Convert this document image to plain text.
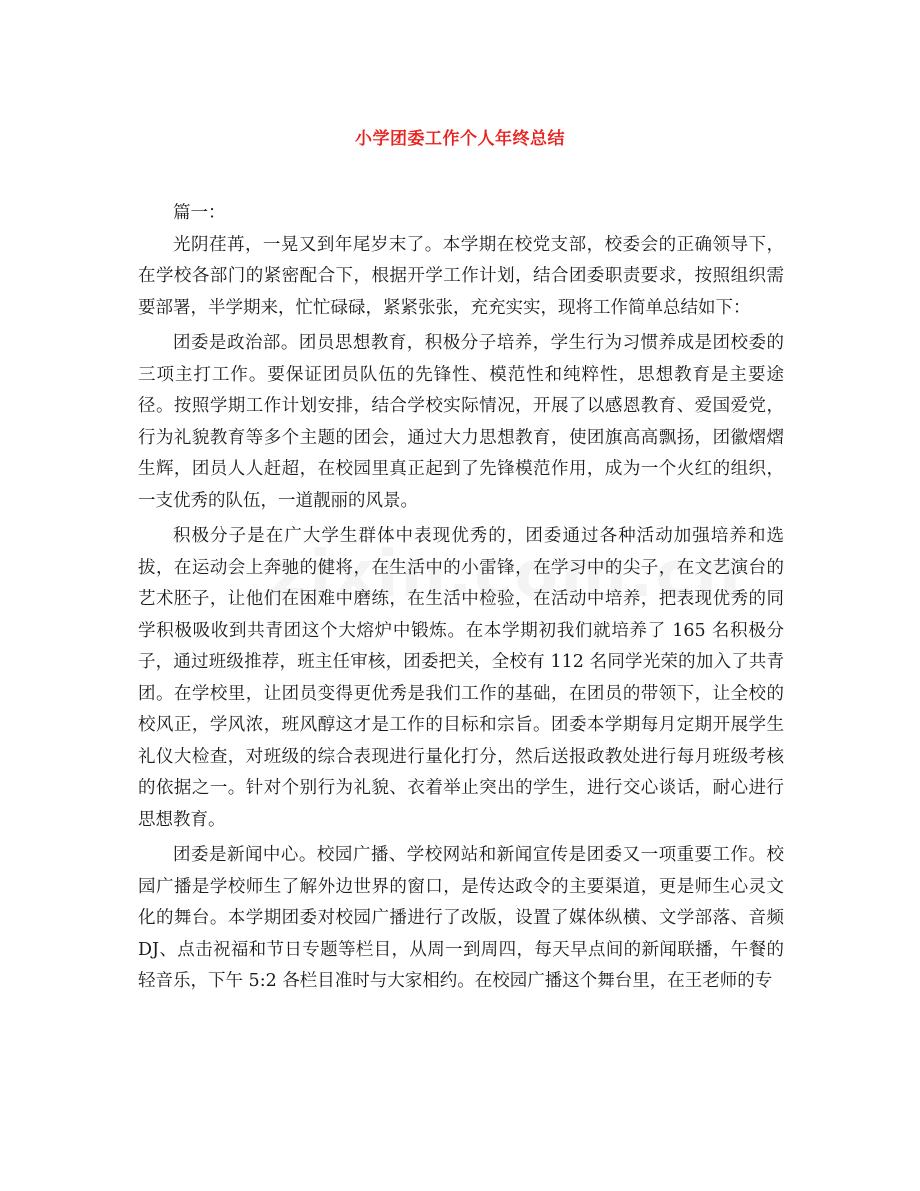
小学团委工作个人年终总结

篇一：

光阴荏苒，一晃又到年尾岁末了。本学期在校党支部，校委会的正确领导下，在学校各部门的紧密配合下，根据开学工作计划，结合团委职责要求，按照组织需要部署，半学期来，忙忙碌碌，紧紧张张，充充实实，现将工作简单总结如下：

团委是政治部。团员思想教育，积极分子培养，学生行为习惯养成是团校委的三项主打工作。要保证团员队伍的先锋性、模范性和纯粹性，思想教育是主要途径。按照学期工作计划安排，结合学校实际情况，开展了以感恩教育、爱国爱党，行为礼貌教育等多个主题的团会，通过大力思想教育，使团旗高高飘扬，团徽熠熠生辉，团员人人赶超，在校园里真正起到了先锋模范作用，成为一个火红的组织，一支优秀的队伍，一道靓丽的风景。

积极分子是在广大学生群体中表现优秀的，团委通过各种活动加强培养和选拔，在运动会上奔驰的健将，在生活中的小雷锋，在学习中的尖子，在文艺演台的艺术胚子，让他们在困难中磨练，在生活中检验，在活动中培养，把表现优秀的同学积极吸收到共青团这个大熔炉中锻炼。在本学期初我们就培养了 165 名积极分子，通过班级推荐，班主任审核，团委把关，全校有 112 名同学光荣的加入了共青团。在学校里，让团员变得更优秀是我们工作的基础，在团员的带领下，让全校的校风正，学风浓，班风醇这才是工作的目标和宗旨。团委本学期每月定期开展学生礼仪大检查，对班级的综合表现进行量化打分，然后送报政教处进行每月班级考核的依据之一。针对个别行为礼貌、衣着举止突出的学生，进行交心谈话，耐心进行思想教育。

团委是新闻中心。校园广播、学校网站和新闻宣传是团委又一项重要工作。校园广播是学校师生了解外边世界的窗口，是传达政令的主要渠道，更是师生心灵文化的舞台。本学期团委对校园广播进行了改版，设置了媒体纵横、文学部落、音频 DJ、点击祝福和节日专题等栏目，从周一到周四，每天早点间的新闻联播，午餐的轻音乐，下午 5:2 各栏目准时与大家相约。在校园广播这个舞台里，在王老师的专
